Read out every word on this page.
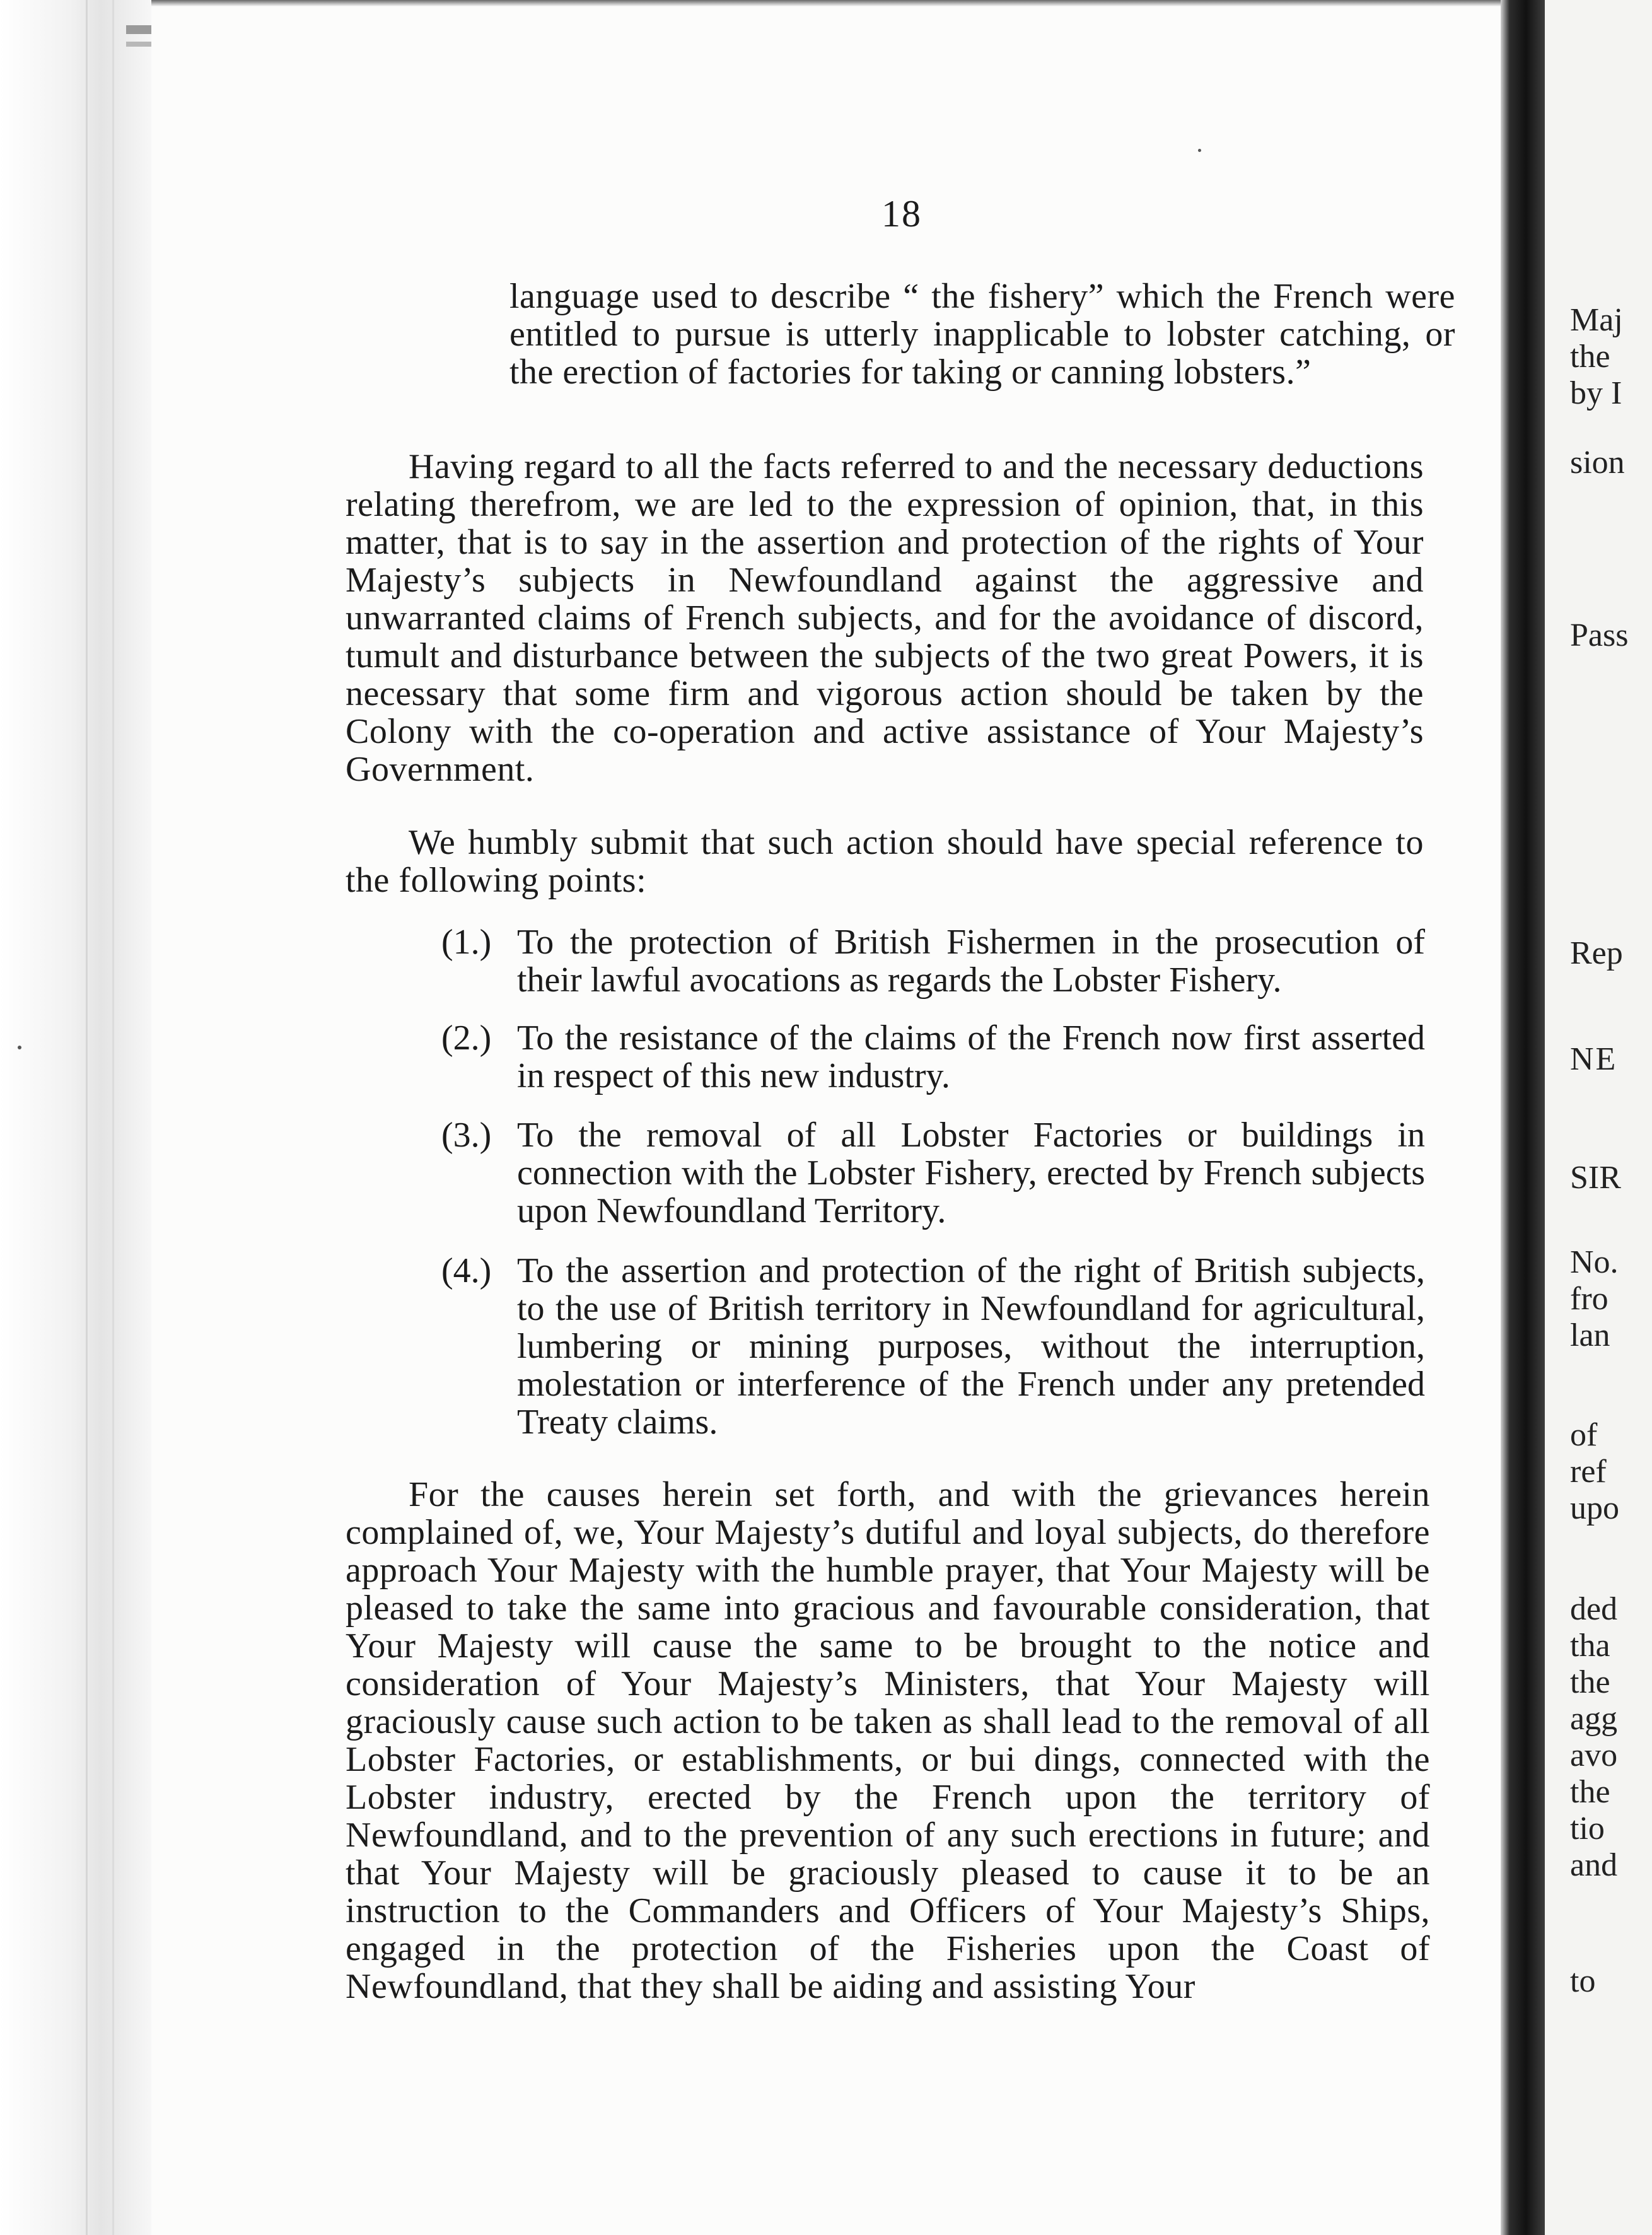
18

language used to describe “ the fishery” which the French were entitled to pursue is utterly inapplicable to lobster catching, or the erection of factories for taking or canning lobsters.”

Having regard to all the facts referred to and the necessary deductions relating therefrom, we are led to the expression of opinion, that, in this matter, that is to say in the assertion and protection of the rights of Your Majesty’s subjects in Newfoundland against the aggressive and unwarranted claims of French subjects, and for the avoidance of discord, tumult and disturbance between the subjects of the two great Powers, it is necessary that some firm and vigorous action should be taken by the Colony with the co-operation and active assistance of Your Majesty’s Government.

We humbly submit that such action should have special reference to the following points:

(1.) To the protection of British Fishermen in the prosecution of their lawful avocations as regards the Lobster Fishery.
(2.) To the resistance of the claims of the French now first asserted in respect of this new industry.
(3.) To the removal of all Lobster Factories or buildings in connection with the Lobster Fishery, erected by French subjects upon Newfoundland Territory.
(4.) To the assertion and protection of the right of British subjects, to the use of British territory in Newfoundland for agricultural, lumbering or mining purposes, without the interruption, molestation or interference of the French under any pretended Treaty claims.

For the causes herein set forth, and with the grievances herein complained of, we, Your Majesty’s dutiful and loyal subjects, do therefore approach Your Majesty with the humble prayer, that Your Majesty will be pleased to take the same into gracious and favourable consideration, that Your Majesty will cause the same to be brought to the notice and consideration of Your Majesty’s Ministers, that Your Majesty will graciously cause such action to be taken as shall lead to the removal of all Lobster Factories, or establishments, or bui dings, connected with the Lobster industry, erected by the French upon the territory of Newfoundland, and to the prevention of any such erections in future; and that Your Majesty will be graciously pleased to cause it to be an instruction to the Commanders and Officers of Your Majesty’s Ships, engaged in the protection of the Fisheries upon the Coast of Newfoundland, that they shall be aiding and assisting Your

Maj
the
by I
sion
Pass
Rep
NE
SIR
No.
fro
lan
of
ref
upo
ded
tha
the
agg
avo
the
tio
and
to
